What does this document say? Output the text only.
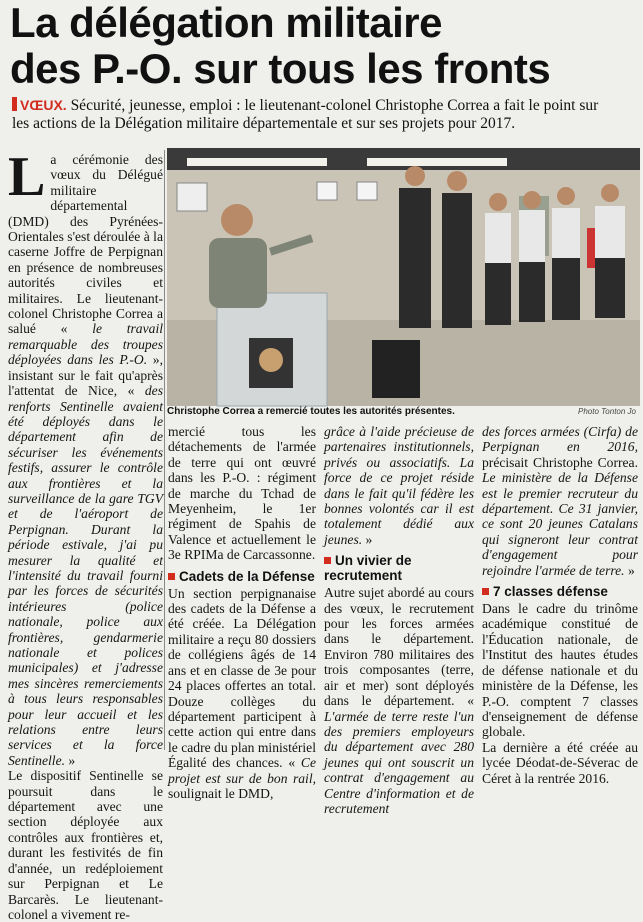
La délégation militaire
des P.-O. sur tous les fronts
VŒUX. Sécurité, jeunesse, emploi : le lieutenant-colonel Christophe Correa a fait le point sur les actions de la Délégation militaire départementale et sur ses projets pour 2017.
Christophe Correa a remercié toutes les autorités présentes.	Photo Tonton Jo

La cérémonie des vœux du Délégué militaire départemental (DMD) des Pyrénées-Orientales s'est déroulée à la caserne Joffre de Perpignan en présence de nombreuses autorités civiles et militaires. Le lieutenant-colonel Christophe Correa a salué « le travail remarquable des troupes déployées dans les P.-O. », insistant sur le fait qu'après l'attentat de Nice, « des renforts Sentinelle avaient été déployés dans le département afin de sécuriser les événements festifs, assurer le contrôle aux frontières et la surveillance de la gare TGV et de l'aéroport de Perpignan. Durant la période estivale, j'ai pu mesurer la qualité et l'intensité du travail fourni par les forces de sécurités intérieures (police nationale, police aux frontières, gendarmerie nationale et polices municipales) et j'adresse mes sincères remerciements à tous leurs responsables pour leur accueil et les relations entre leurs services et la force Sentinelle. »

Le dispositif Sentinelle se poursuit dans le département avec une section déployée aux contrôles aux frontières et, durant les festivités de fin d'année, un redéploiement sur Perpignan et Le Barcarès. Le lieutenant-colonel a vivement re-

mercié tous les détachements de l'armée de terre qui ont œuvré dans les P.-O. : régiment de marche du Tchad de Meyenheim, le 1er régiment de Spahis de Valence et actuellement le 3e RPIMa de Carcassonne.

Cadets de la Défense

Un section perpignanaise des cadets de la Défense a été créée. La Délégation militaire a reçu 80 dossiers de collégiens âgés de 14 ans et en classe de 3e pour 24 places offertes an total. Douze collèges du département participent à cette action qui entre dans le cadre du plan ministériel Égalité des chances. « Ce projet est sur de bon rail, soulignait le DMD,

grâce à l'aide précieuse de partenaires institutionnels, privés ou associatifs. La force de ce projet réside dans le fait qu'il fédère les bonnes volontés car il est totalement dédié aux jeunes. »

Un vivier de recrutement

Autre sujet abordé au cours des vœux, le recrutement pour les forces armées dans le département. Environ 780 militaires des trois composantes (terre, air et mer) sont déployés dans le département. « L'armée de terre reste l'un des premiers employeurs du département avec 280 jeunes qui ont souscrit un contrat d'engagement au Centre d'information et de recrutement

des forces armées (Cirfa) de Perpignan en 2016, précisait Christophe Correa. Le ministère de la Défense est le premier recruteur du département. Ce 31 janvier, ce sont 20 jeunes Catalans qui signeront leur contrat d'engagement pour rejoindre l'armée de terre. »

7 classes défense

Dans le cadre du trinôme académique constitué de l'Éducation nationale, de l'Institut des hautes études de défense nationale et du ministère de la Défense, les P.-O. comptent 7 classes d'enseignement de défense globale.

La dernière a été créée au lycée Déodat-de-Séverac de Céret à la rentrée 2016.
